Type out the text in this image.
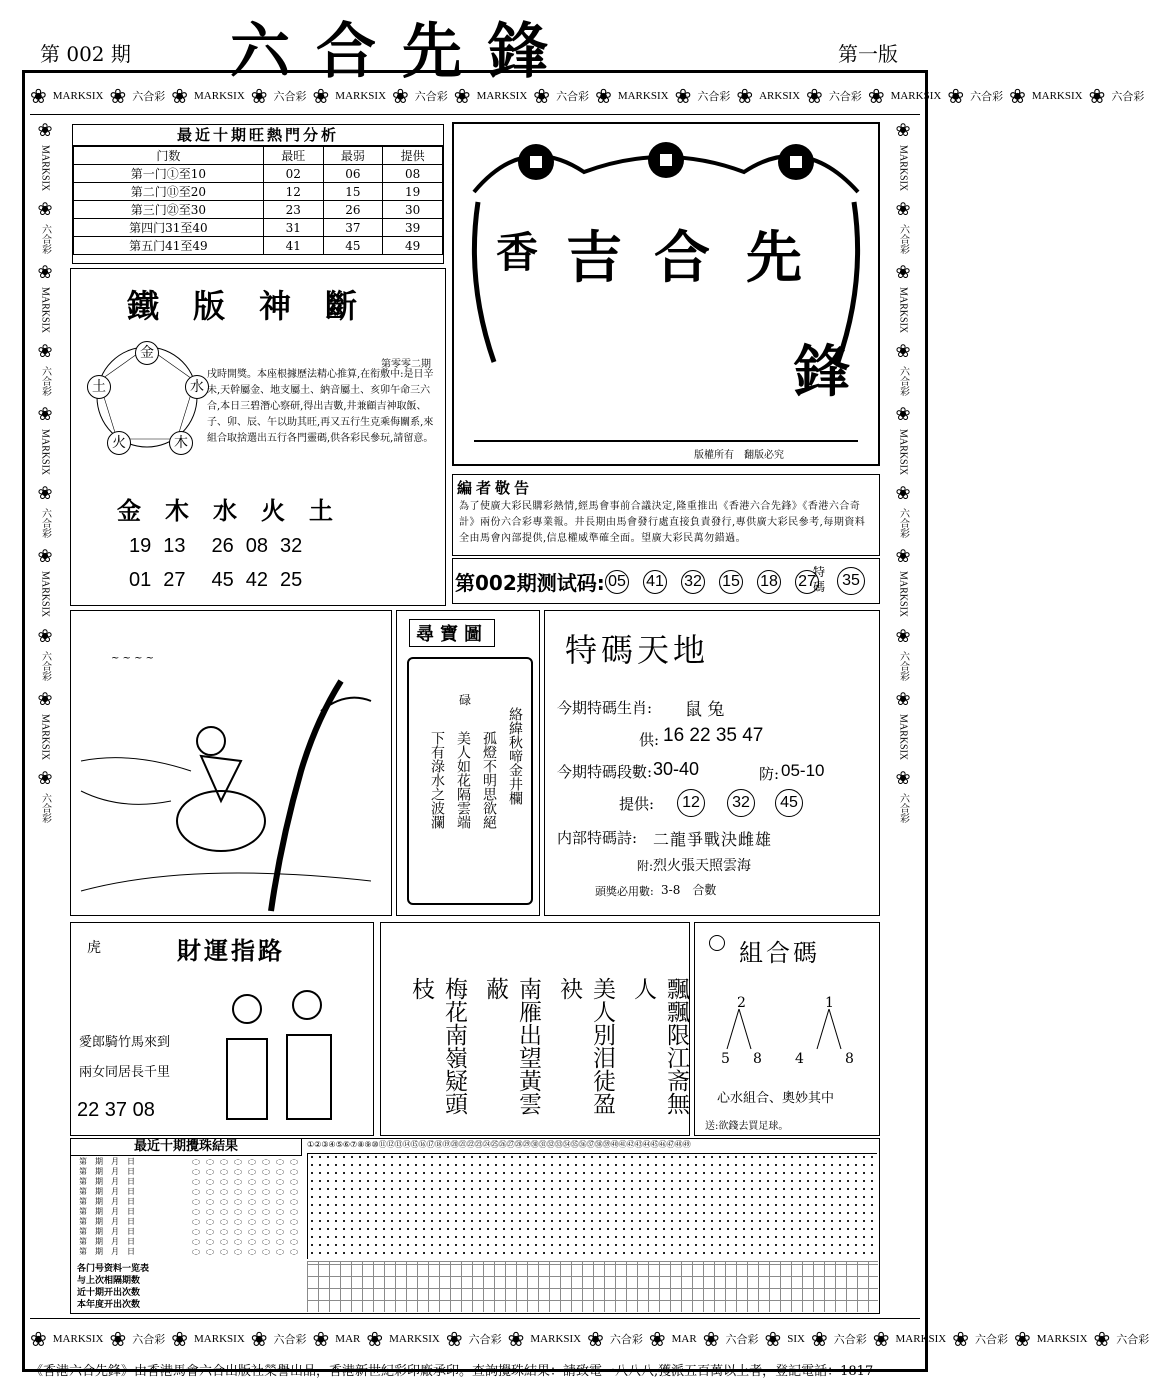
第 002 期 六合先鋒	第一版
❀ MARKSIX ❀ 六合彩 ❀ MARKSIX ❀ 六合彩 ❀ MARKSIX ❀ 六合彩 ❀ MARKSIX ❀ 六合彩 ❀ MARKSIX ❀ 六合彩 ❀ ARKSIX ❀ 六合彩 ❀ MARKSIX ❀ 六合彩 ❀ MARKSIX ❀ 六合彩
❀ MARKSIX ❀ 六合彩 ❀ MARKSIX ❀ 六合彩 ❀ MAR ❀ MARKSIX ❀ 六合彩 ❀ MARKSIX ❀ 六合彩 ❀ MAR ❀ 六合彩 ❀ SIX ❀ 六合彩 ❀ MARKSIX ❀ 六合彩 ❀ MARKSIX ❀ 六合彩
❀
MARKSIX
❀
六合彩
❀
MARKSIX
❀
六合彩
❀
MARKSIX
❀
六合彩
❀
MARKSIX
❀
六合彩
❀
MARKSIX
❀
六合彩
❀
MARKSIX
❀
六合彩
❀
MARKSIX
❀
六合彩
❀
MARKSIX
❀
六合彩
❀
MARKSIX
❀
六合彩
❀
MARKSIX
❀
六合彩
最近十期旺熱門分析
门数	最旺	最弱	提供
第一门①至10	02	06	08
第二门⑪至20	12	15	19
第三门㉑至30	23	26	30
第四门31至40	31	37	39
第五门41至49	41	45	49
鐵版神斷
金
水
木
火
土
第零零二期
戌時開獎。本座根據歷法精心推算,在衔敷中:是日辛未,天幹屬金、地支屬土、納音屬土、亥卯午命三六合,本日三碧潛心察研,得出吉數,井兼顧吉神取飯、子、卯、辰、午以助其旺,再又五行生克乘侮關系,來組合取捨選出五行各門靈碼,供各彩民參玩,請留意。
金木水火土
19 13 26 08 32
01 27 45 42 25
香 吉 合 先
鋒
版權所有　翻版必究
編者敬告
為了使廣大彩民購彩熱情,經馬會事前合議決定,隆重推出《香港六合先鋒》《香港六合奇計》兩份六合彩專業報。井長期由馬會發行處直接負責發行,專供廣大彩民參考,每期資料全由馬會內部提供,信息權威準確全面。望廣大彩民萬勿錯過。
第002期测试码: 05 41 32 15 18 27
特碼	35
~ ~ ~ ~
尋寶圖
碌
絡緯秋啼金井欄
孤燈不明思欲絕
美人如花隔雲端
下有淥水之波瀾
特碼天地
今期特碼生肖: 鼠 兔
供: 16 22 35 47
今期特碼段數: 30-40	防: 05-10
提供:	12	32	45
内部特碼詩: 二龍爭戰決雌雄
附: 烈火張天照雲海
頭獎必用數: 3-8　合數
虎	財運指路
愛郎騎竹馬來到
兩女同居長千里
22 37 08	飄飄限江斋無人
美人別泪徒盈袂
南雁出望黃雲蔽
梅花南嶺疑頭枝
組合碼
2
5 8
1
4	8
心水組合、奧妙其中
送:欲錢去買足球。
最近十期攪珠結果
第　期　月　日
第　期　月　日
第　期　月　日
第　期　月　日
第　期　月　日
第　期　月　日
第　期　月　日
第　期　月　日
第　期　月　日
第　期　月　日
①②③④⑤⑥⑦⑧⑨⑩⑪⑫⑬⑭⑮⑯⑰⑱⑲⑳㉑㉒㉓㉔㉕㉖㉗㉘㉙㉚㉛㉜㉝㉞㉟㊱㊲㊳㊴㊵㊶㊷㊸㊹㊺㊻㊼㊽㊾
各门号资料一览表
与上次相隔期数
近十期开出次数
本年度开出次数
《香港六合先鋒》由香港馬會六合出版社榮譽出品，香港新世紀彩印廠承印。查詢攪珠結果：請致電一八八八,獲派五百萬以上者，登記電話：1817
